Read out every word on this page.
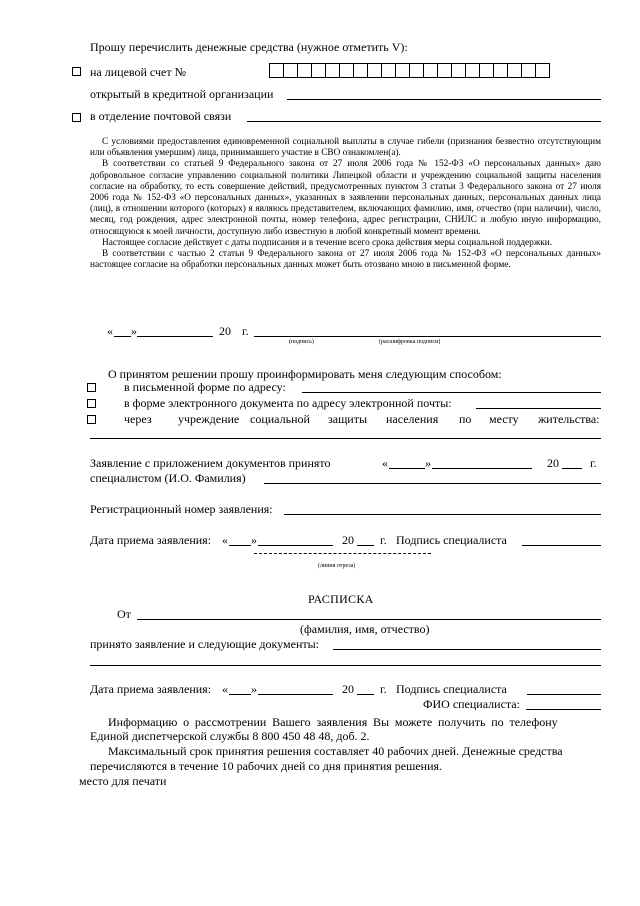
Прошу перечислить денежные средства (нужное отметить V):
на лицевой счет №
открытый в кредитной организации
в отделение почтовой связи

С условиями предоставления единовременной социальной выплаты в случае гибели (признания безвестно отсутствующим или объявления умершим) лица, принимавшего участие в СВО ознакомлен(а).

В соответствии со статьей 9 Федерального закона от 27 июля 2006 года № 152-ФЗ «О персональных данных» даю добровольное согласие управлению социальной политики Липецкой области и учреждению социальной защиты населения согласие на обработку, то есть совершение действий, предусмотренных пунктом 3 статьи 3 Федерального закона от 27 июля 2006 года № 152-ФЗ «О персональных данных», указанных в заявлении персональных данных, персональных данных лица (лиц), в отношении которого (которых) я являюсь представителем, включающих фамилию, имя, отчество (при наличии), число, месяц, год рождения, адрес электронной почты, номер телефона, адрес регистрации, СНИЛС и любую иную информацию, относящуюся к моей личности, доступную либо известную в любой конкретный момент времени.

Настоящее согласие действует с даты подписания и в течение всего срока действия меры социальной поддержки.

В соответствии с частью 2 статьи 9 Федерального закона от 27 июля 2006 года № 152-ФЗ «О персональных данных» настоящее согласие на обработки персональных данных может быть отозвано мною в письменной форме.

« »	20 г.
(подпись)	(расшифровка подписи)
О принятом решении прошу проинформировать меня следующим способом:
в письменной форме по адресу:
в форме электронного документа по адресу электронной почты:
через учреждение социальной защиты населения по месту жительства:
Заявление с приложением документов принято	«	»	20	г.
специалистом (И.О. Фамилия)
Регистрационный номер заявления:
Дата приема заявления: « »	20 г. Подпись специалиста
(линия отреза)
РАСПИСКА
От
(фамилия, имя, отчество)
принято заявление и следующие документы:
Дата приема заявления: « »	20 г. Подпись специалиста
ФИО специалиста:
Информацию о рассмотрении Вашего заявления Вы можете получить по телефону
Единой диспетчерской службы 8 800 450 48 48, доб. 2.
Максимальный срок принятия решения составляет 40 рабочих дней. Денежные средства
перечисляются в течение 10 рабочих дней со дня принятия решения.
место для печати
